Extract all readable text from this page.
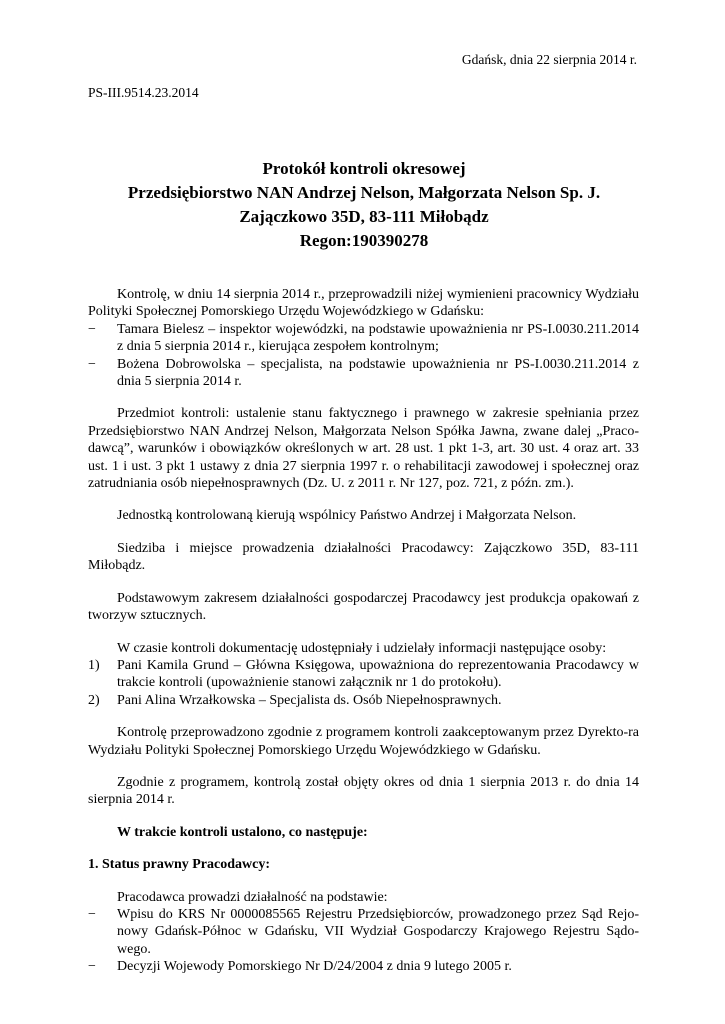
Gdańsk, dnia 22 sierpnia 2014 r.
PS-III.9514.23.2014
Protokół kontroli okresowej
Przedsiębiorstwo NAN Andrzej Nelson, Małgorzata Nelson Sp. J.
Zajączkowo 35D, 83-111 Miłobądz
Regon:190390278

Kontrolę, w dniu 14 sierpnia 2014 r., przeprowadzili niżej wymienieni pracownicy Wydziału Polityki Społecznej Pomorskiego Urzędu Wojewódzkiego w Gdańsku:

−	Tamara Bielesz – inspektor wojewódzki, na podstawie upoważnienia nr PS-I.0030.211.2014 z dnia 5 sierpnia 2014 r., kierująca zespołem kontrolnym;
−	Bożena Dobrowolska – specjalista, na podstawie upoważnienia nr PS-I.0030.211.2014 z dnia 5 sierpnia 2014 r.

Przedmiot kontroli: ustalenie stanu faktycznego i prawnego w zakresie spełniania przez Przedsiębiorstwo NAN Andrzej Nelson, Małgorzata Nelson Spółka Jawna, zwane dalej „Praco-dawcą”, warunków i obowiązków określonych w art. 28 ust. 1 pkt 1-3, art. 30 ust. 4 oraz art. 33 ust. 1 i ust. 3 pkt 1 ustawy z dnia 27 sierpnia 1997 r. o rehabilitacji zawodowej i społecznej oraz zatrudniania osób niepełnosprawnych (Dz. U. z 2011 r. Nr 127, poz. 721, z późn. zm.).

Jednostką kontrolowaną kierują wspólnicy Państwo Andrzej i Małgorzata Nelson.

Siedziba i miejsce prowadzenia działalności Pracodawcy: Zajączkowo 35D, 83-111 Miłobądz.

Podstawowym zakresem działalności gospodarczej Pracodawcy jest produkcja opakowań z tworzyw sztucznych.

W czasie kontroli dokumentację udostępniały i udzielały informacji następujące osoby:

1)	Pani Kamila Grund – Główna Księgowa, upoważniona do reprezentowania Pracodawcy w trakcie kontroli (upoważnienie stanowi załącznik nr 1 do protokołu).
2)	Pani Alina Wrzałkowska – Specjalista ds. Osób Niepełnosprawnych.

Kontrolę przeprowadzono zgodnie z programem kontroli zaakceptowanym przez Dyrekto-ra Wydziału Polityki Społecznej Pomorskiego Urzędu Wojewódzkiego w Gdańsku.

Zgodnie z programem, kontrolą został objęty okres od dnia 1 sierpnia 2013 r. do dnia 14 sierpnia 2014 r.

W trakcie kontroli ustalono, co następuje:
1. Status prawny Pracodawcy:

Pracodawca prowadzi działalność na podstawie:

−	Wpisu do KRS Nr 0000085565 Rejestru Przedsiębiorców, prowadzonego przez Sąd Rejo-nowy Gdańsk-Północ w Gdańsku, VII Wydział Gospodarczy Krajowego Rejestru Sądo-wego.
−	Decyzji Wojewody Pomorskiego Nr D/24/2004 z dnia 9 lutego 2005 r.
